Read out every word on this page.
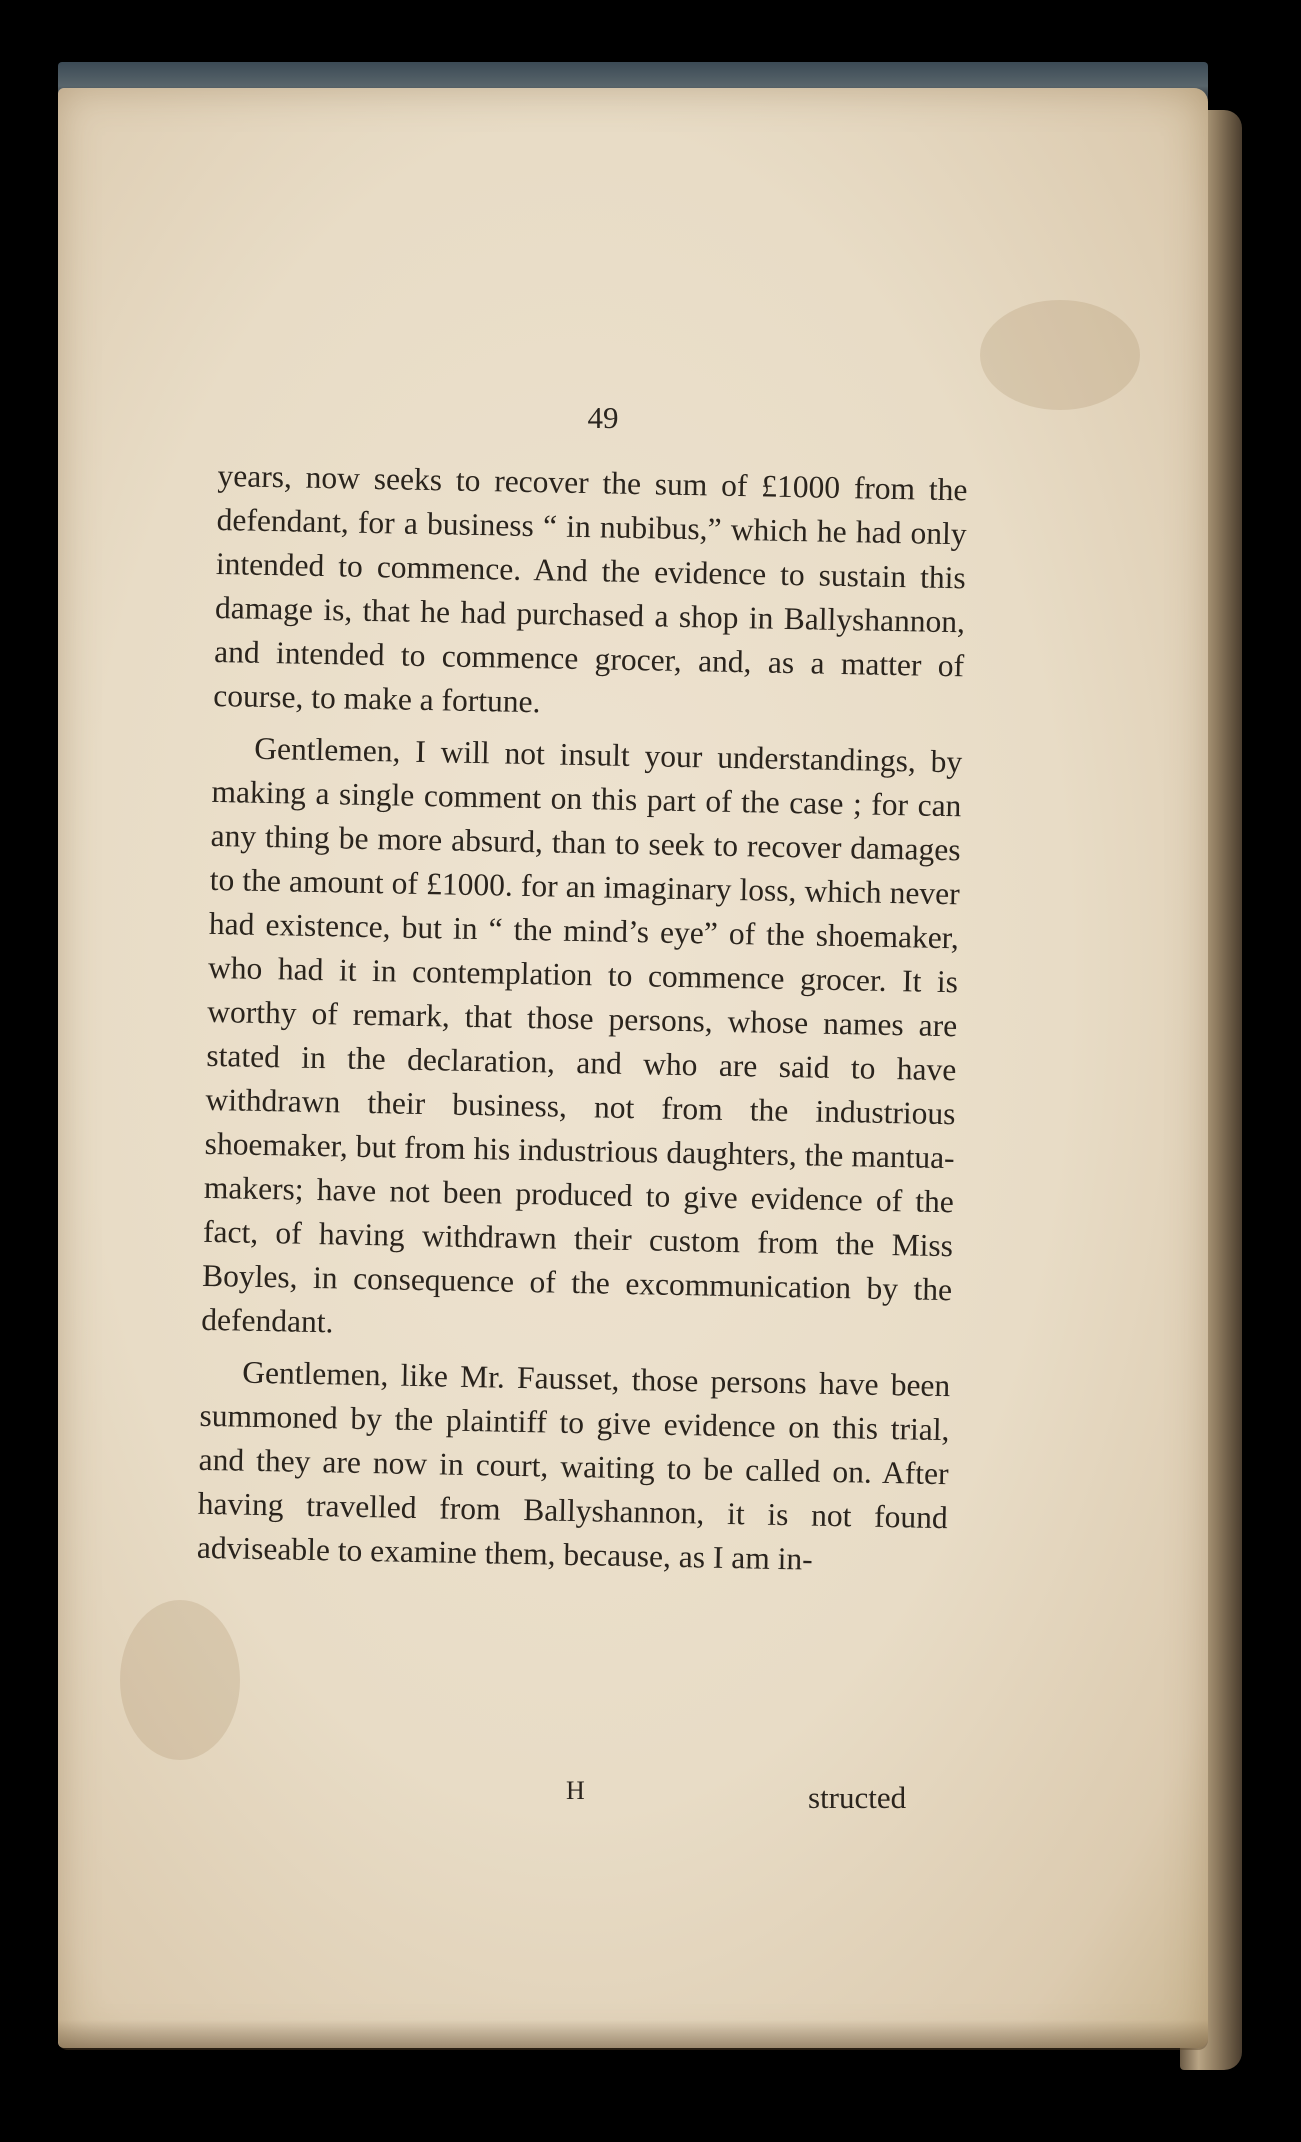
49

years, now seeks to recover the sum of £1000 from the defendant, for a business “ in nubibus,” which he had only intended to commence. And the evidence to sustain this damage is, that he had purchased a shop in Ballyshannon, and intended to commence grocer, and, as a matter of course, to make a fortune.

Gentlemen, I will not insult your understandings, by making a single comment on this part of the case ; for can any thing be more absurd, than to seek to recover damages to the amount of £1000. for an imaginary loss, which never had existence, but in “ the mind’s eye” of the shoemaker, who had it in contemplation to commence grocer. It is worthy of remark, that those persons, whose names are stated in the declaration, and who are said to have withdrawn their business, not from the industrious shoemaker, but from his industrious daughters, the mantua-makers; have not been produced to give evidence of the fact, of having withdrawn their custom from the Miss Boyles, in consequence of the excommunication by the defendant.

Gentlemen, like Mr. Fausset, those persons have been summoned by the plaintiff to give evidence on this trial, and they are now in court, waiting to be called on. After having travelled from Ballyshannon, it is not found adviseable to examine them, because, as I am in-

H	structed
